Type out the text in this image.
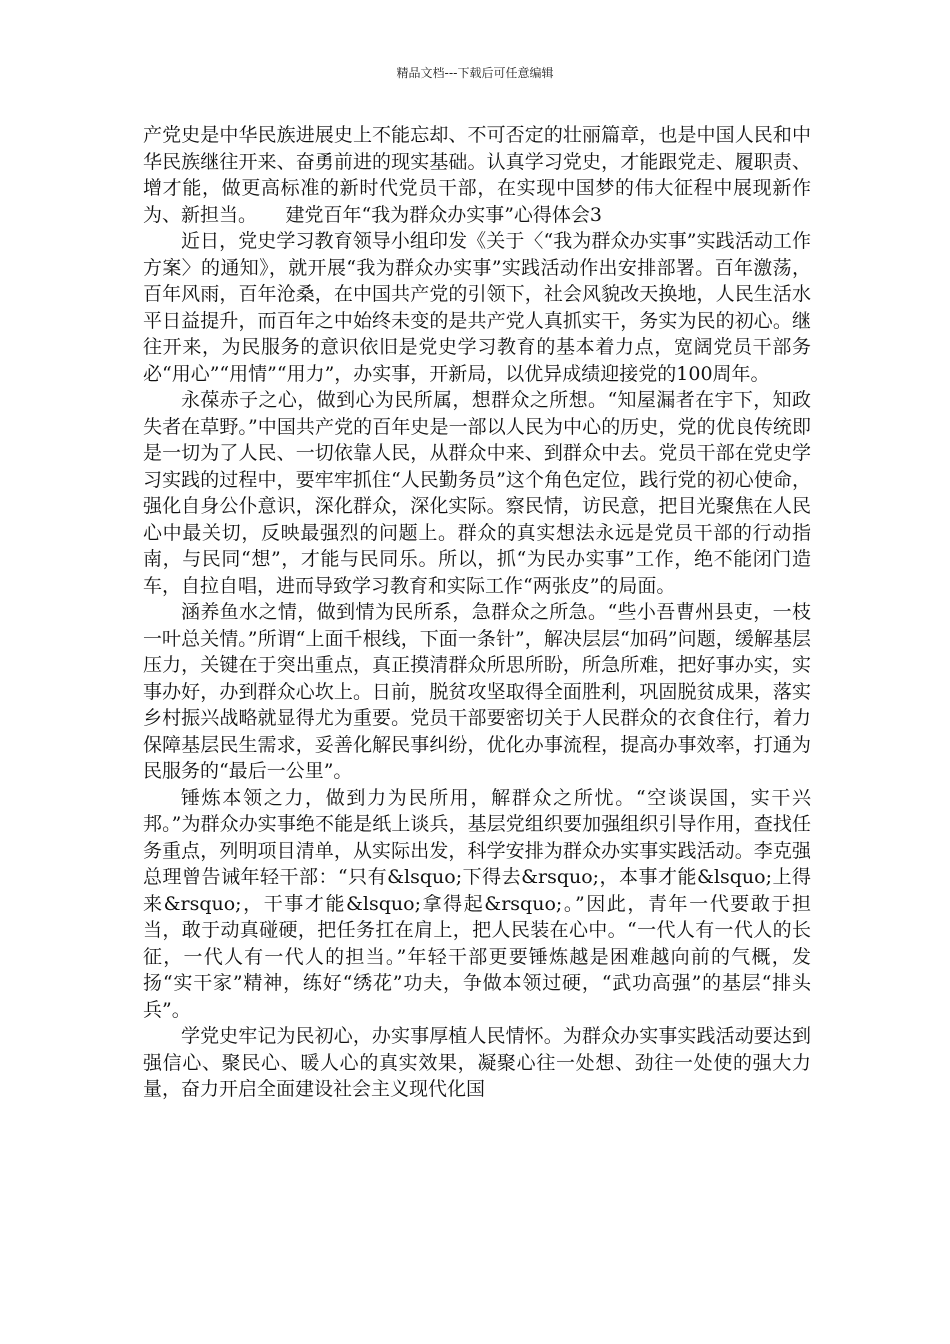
精品文档---下载后可任意编辑

产党史是中华民族进展史上不能忘却、不可否定的壮丽篇章，也是中国人民和中华民族继往开来、奋勇前进的现实基础。认真学习党史，才能跟党走、履职责、增才能，做更高标准的新时代党员干部，在实现中国梦的伟大征程中展现新作为、新担当。　　建党百年“我为群众办实事”心得体会3

近日，党史学习教育领导小组印发《关于〈“我为群众办实事”实践活动工作方案〉的通知》，就开展“我为群众办实事”实践活动作出安排部署。百年激荡，百年风雨，百年沧桑，在中国共产党的引领下，社会风貌改天换地，人民生活水平日益提升，而百年之中始终未变的是共产党人真抓实干，务实为民的初心。继往开来，为民服务的意识依旧是党史学习教育的基本着力点，宽阔党员干部务必“用心”“用情”“用力”，办实事，开新局，以优异成绩迎接党的100周年。

永葆赤子之心，做到心为民所属，想群众之所想。“知屋漏者在宇下，知政失者在草野。”中国共产党的百年史是一部以人民为中心的历史，党的优良传统即是一切为了人民、一切依靠人民，从群众中来、到群众中去。党员干部在党史学习实践的过程中，要牢牢抓住“人民勤务员”这个角色定位，践行党的初心使命，强化自身公仆意识，深化群众，深化实际。察民情，访民意，把目光聚焦在人民心中最关切，反映最强烈的问题上。群众的真实想法永远是党员干部的行动指南，与民同“想”，才能与民同乐。所以，抓“为民办实事”工作，绝不能闭门造车，自拉自唱，进而导致学习教育和实际工作“两张皮”的局面。

涵养鱼水之情，做到情为民所系，急群众之所急。“些小吾曹州县吏，一枝一叶总关情。”所谓“上面千根线，下面一条针”，解决层层“加码”问题，缓解基层压力，关键在于突出重点，真正摸清群众所思所盼，所急所难，把好事办实，实事办好，办到群众心坎上。日前，脱贫攻坚取得全面胜利，巩固脱贫成果，落实乡村振兴战略就显得尤为重要。党员干部要密切关于人民群众的衣食住行，着力保障基层民生需求，妥善化解民事纠纷，优化办事流程，提高办事效率，打通为民服务的“最后一公里”。

锤炼本领之力，做到力为民所用，解群众之所忧。“空谈误国，实干兴邦。”为群众办实事绝不能是纸上谈兵，基层党组织要加强组织引导作用，查找任务重点，列明项目清单，从实际出发，科学安排为群众办实事实践活动。李克强总理曾告诫年轻干部：“只有&lsquo;下得去&rsquo;，本事才能&lsquo;上得来&rsquo;，干事才能&lsquo;拿得起&rsquo;。”因此，青年一代要敢于担当，敢于动真碰硬，把任务扛在肩上，把人民装在心中。“一代人有一代人的长征，一代人有一代人的担当。”年轻干部更要锤炼越是困难越向前的气概，发扬“实干家”精神，练好“绣花”功夫，争做本领过硬，“武功高强”的基层“排头兵”。

学党史牢记为民初心，办实事厚植人民情怀。为群众办实事实践活动要达到强信心、聚民心、暖人心的真实效果，凝聚心往一处想、劲往一处使的强大力量，奋力开启全面建设社会主义现代化国
